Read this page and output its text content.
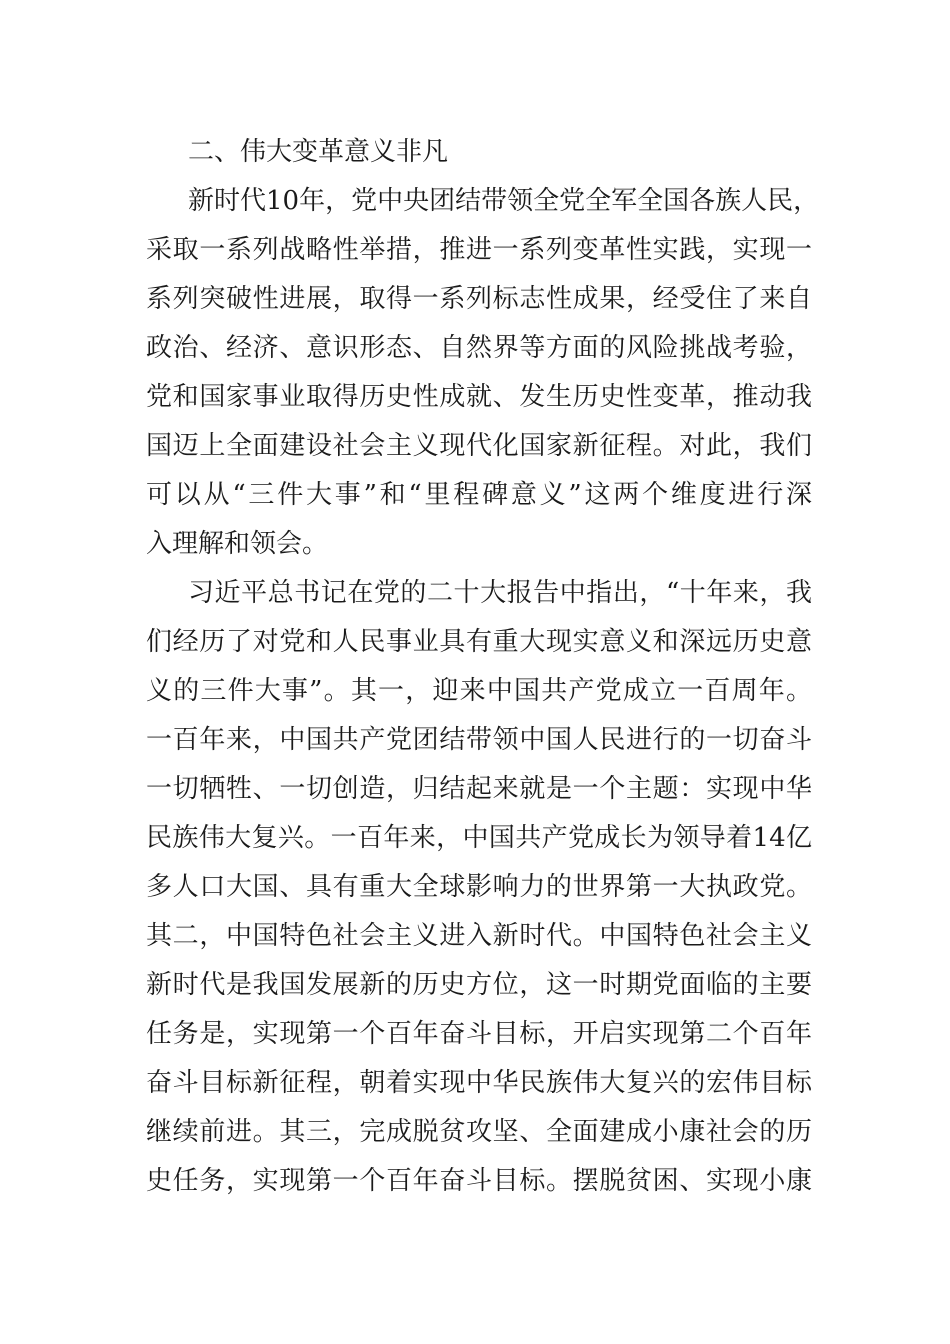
二、伟大变革意义非凡
新时代10年，党中央团结带领全党全军全国各族人民，
采取一系列战略性举措，推进一系列变革性实践，实现一
系列突破性进展，取得一系列标志性成果，经受住了来自
政治、经济、意识形态、自然界等方面的风险挑战考验，
党和国家事业取得历史性成就、发生历史性变革，推动我
国迈上全面建设社会主义现代化国家新征程。对此，我们
可以从“三件大事”和“里程碑意义”这两个维度进行深
入理解和领会。
习近平总书记在党的二十大报告中指出，“十年来，我
们经历了对党和人民事业具有重大现实意义和深远历史意
义的三件大事”。其一，迎来中国共产党成立一百周年。
一百年来，中国共产党团结带领中国人民进行的一切奋斗
一切牺牲、一切创造，归结起来就是一个主题：实现中华
民族伟大复兴。一百年来，中国共产党成长为领导着14亿
多人口大国、具有重大全球影响力的世界第一大执政党。
其二，中国特色社会主义进入新时代。中国特色社会主义
新时代是我国发展新的历史方位，这一时期党面临的主要
任务是，实现第一个百年奋斗目标，开启实现第二个百年
奋斗目标新征程，朝着实现中华民族伟大复兴的宏伟目标
继续前进。其三，完成脱贫攻坚、全面建成小康社会的历
史任务，实现第一个百年奋斗目标。摆脱贫困、实现小康
